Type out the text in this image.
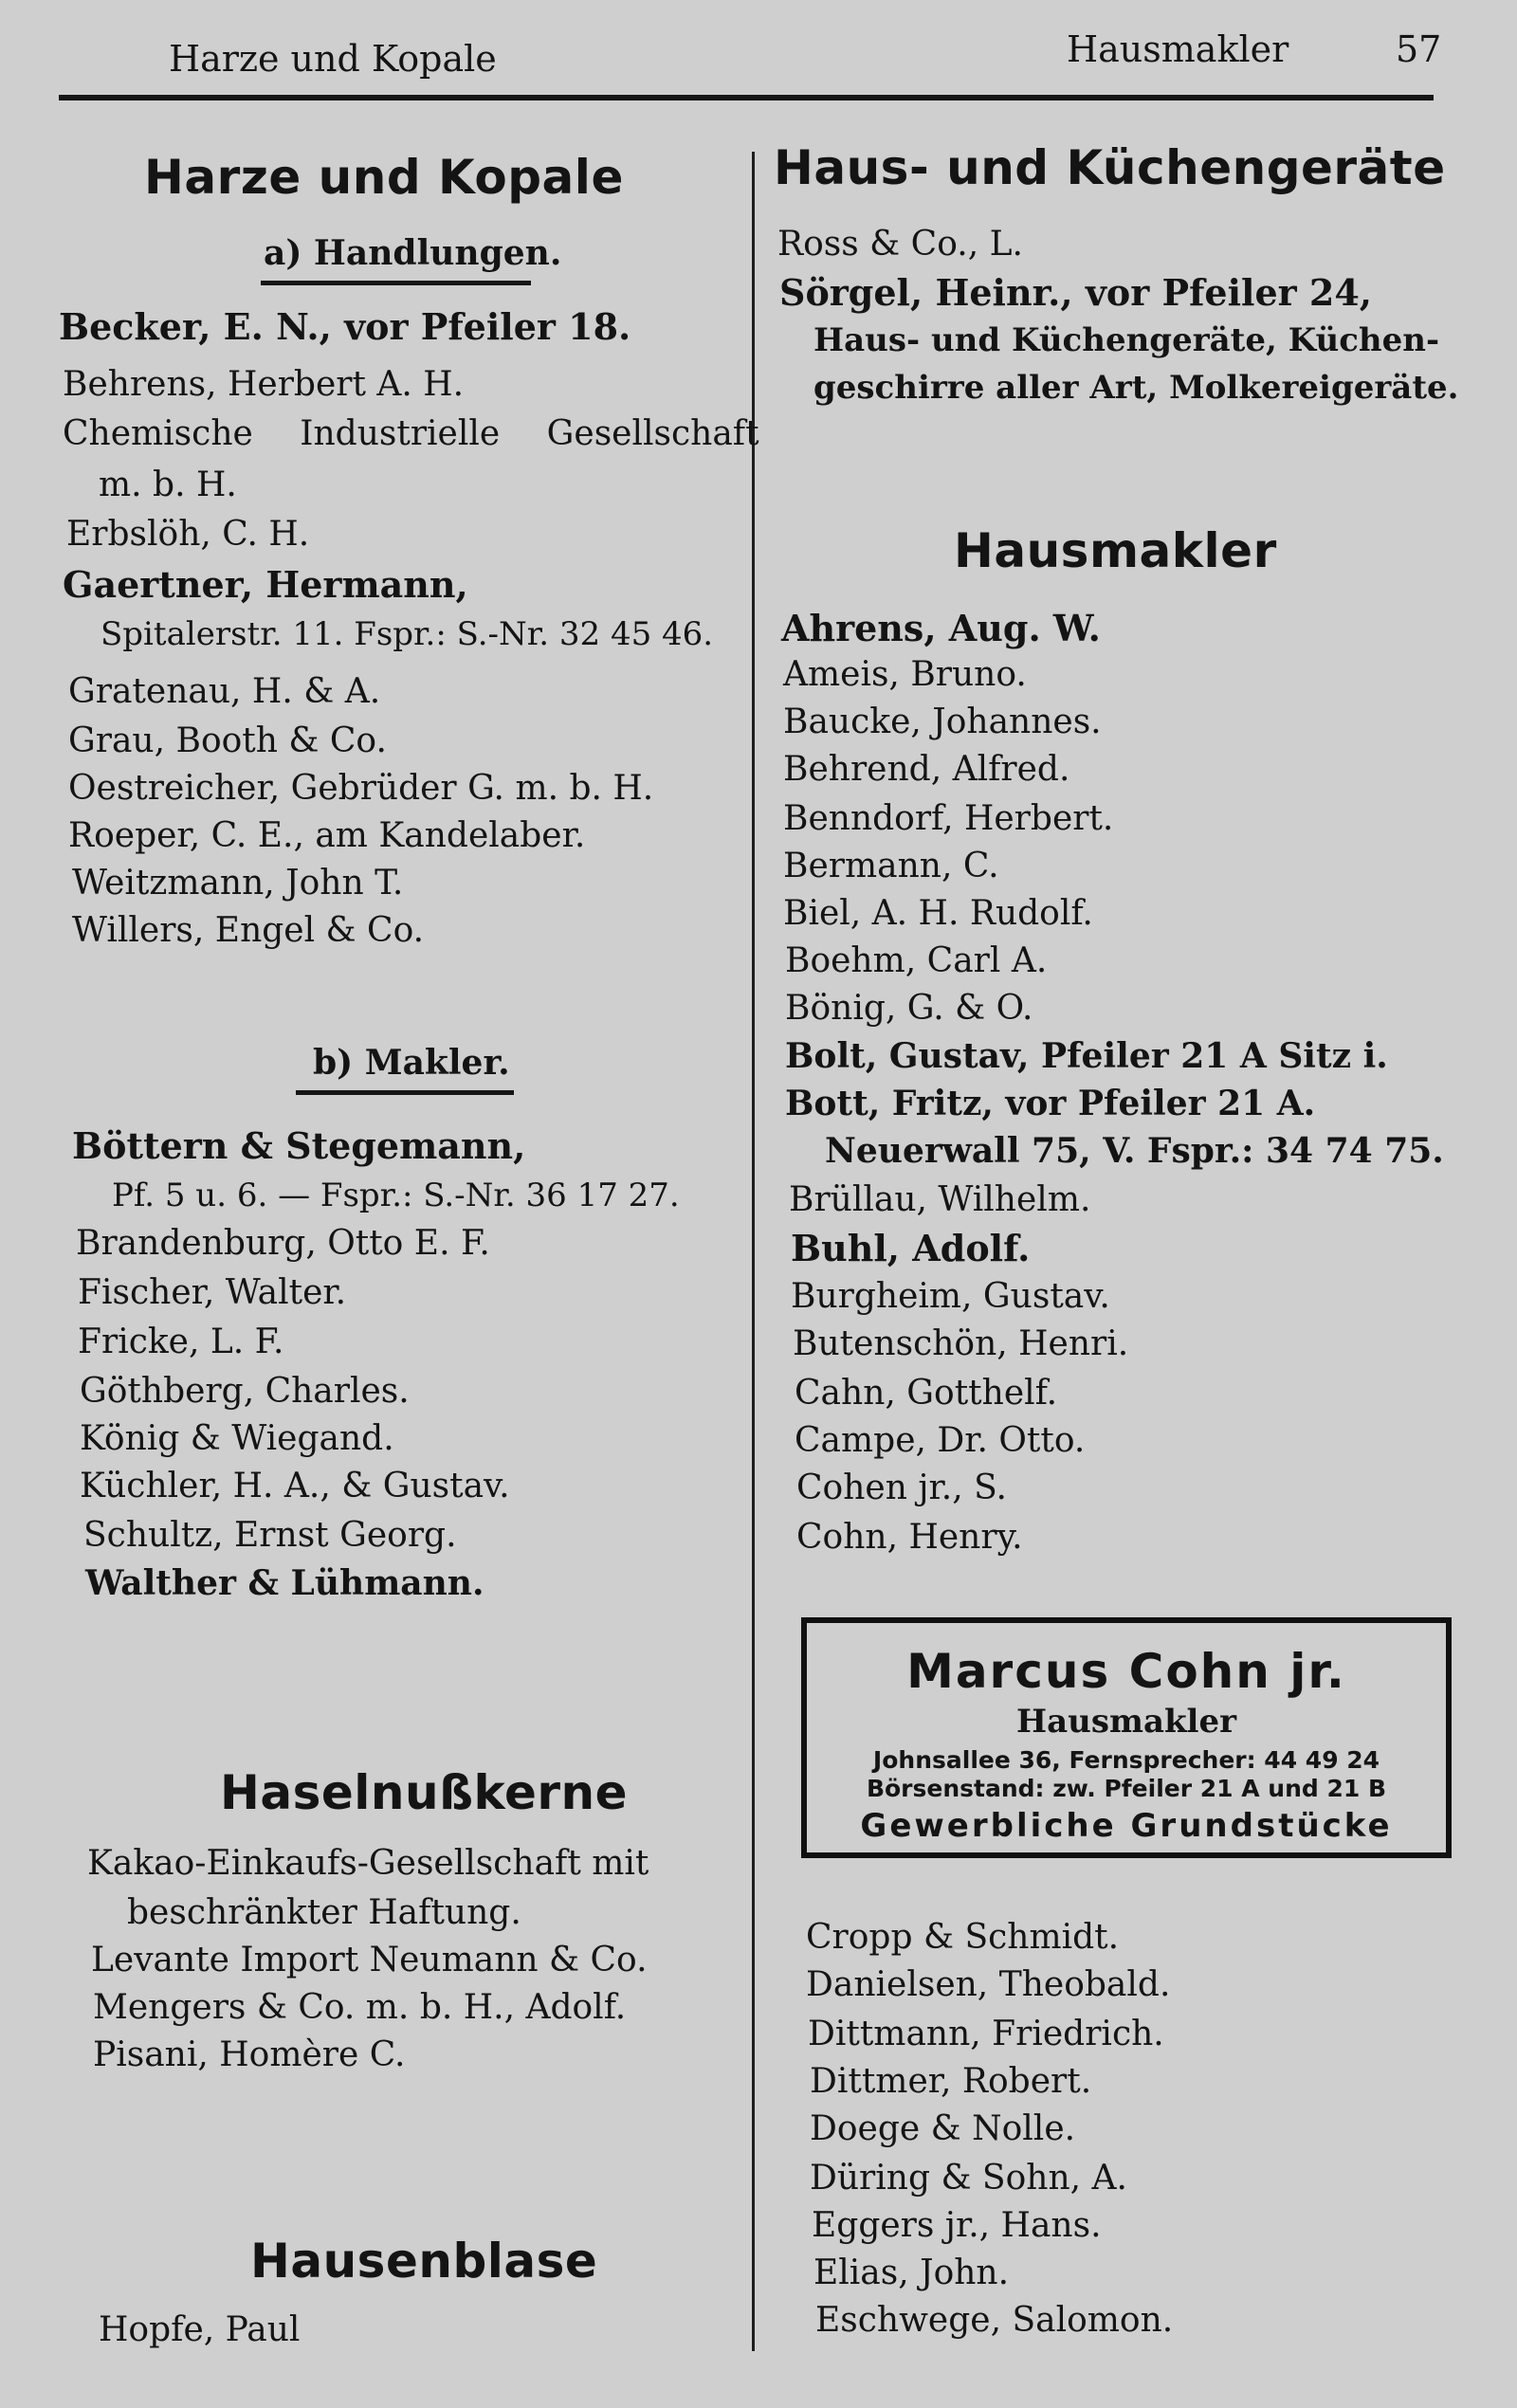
Harze und Kopale	Hausmakler	57
Harze und Kopale
a) Handlungen.
Becker, E. N., vor Pfeiler 18.
Behrens, Herbert A. H.
Chemische Industrielle Gesellschaft
m. b. H.
Erbslöh, C. H.
Gaertner, Hermann,
Spitalerstr. 11. Fspr.: S.-Nr. 32 45 46.
Gratenau, H. & A.
Grau, Booth & Co.
Oestreicher, Gebrüder G. m. b. H.
Roeper, C. E., am Kandelaber.
Weitzmann, John T.
Willers, Engel & Co.
b) Makler.
Böttern & Stegemann,
Pf. 5 u. 6. — Fspr.: S.-Nr. 36 17 27.
Brandenburg, Otto E. F.
Fischer, Walter.
Fricke, L. F.
Göthberg, Charles.
König & Wiegand.
Küchler, H. A., & Gustav.
Schultz, Ernst Georg.
Walther & Lühmann.
Haselnußkerne
Kakao-Einkaufs-Gesellschaft mit
beschränkter Haftung.
Levante Import Neumann & Co.
Mengers & Co. m. b. H., Adolf.
Pisani, Homère C.
Hausenblase
Hopfe, Paul
Haus- und Küchengeräte
Ross & Co., L.
Sörgel, Heinr., vor Pfeiler 24,
Haus- und Küchengeräte, Küchen-
geschirre aller Art, Molkereigeräte.
Hausmakler
Ahrens, Aug. W.
Ameis, Bruno.
Baucke, Johannes.
Behrend, Alfred.
Benndorf, Herbert.
Bermann, C.
Biel, A. H. Rudolf.
Boehm, Carl A.
Bönig, G. & O.
Bolt, Gustav, Pfeiler 21 A Sitz i.
Bott, Fritz, vor Pfeiler 21 A.
Neuerwall 75, V. Fspr.: 34 74 75.
Brüllau, Wilhelm.
Buhl, Adolf.
Burgheim, Gustav.
Butenschön, Henri.
Cahn, Gotthelf.
Campe, Dr. Otto.
Cohen jr., S.
Cohn, Henry.
Cropp & Schmidt.
Danielsen, Theobald.
Dittmann, Friedrich.
Dittmer, Robert.
Doege & Nolle.
Düring & Sohn, A.
Eggers jr., Hans.
Elias, John.
Eschwege, Salomon.
Marcus Cohn jr.
Hausmakler
Johnsallee 36, Fernsprecher: 44 49 24
Börsenstand: zw. Pfeiler 21 A und 21 B
Gewerbliche Grundstücke
